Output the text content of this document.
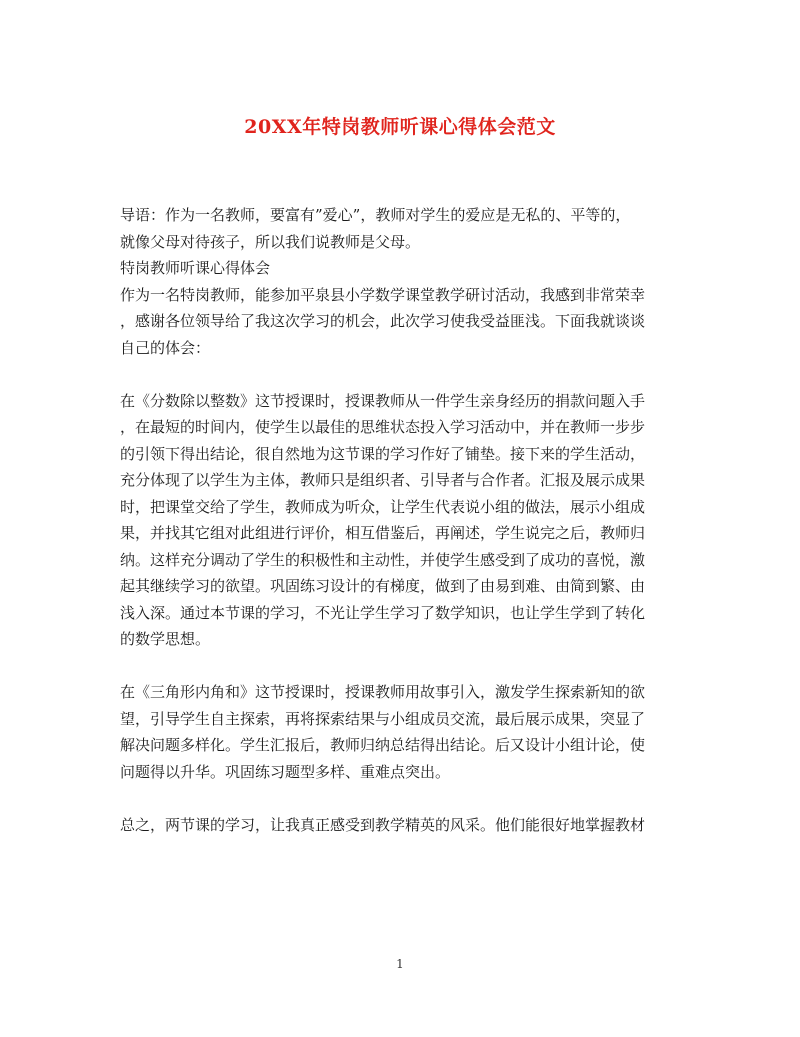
20XX年特岗教师听课心得体会范文
导语：作为一名教师，要富有”爱心”，教师对学生的爱应是无私的、平等的，
就像父母对待孩子，所以我们说教师是父母。
特岗教师听课心得体会
作为一名特岗教师，能参加平泉县小学数学课堂教学研讨活动，我感到非常荣幸
，感谢各位领导给了我这次学习的机会，此次学习使我受益匪浅。下面我就谈谈
自己的体会：
在《分数除以整数》这节授课时，授课教师从一件学生亲身经历的捐款问题入手
，在最短的时间内，使学生以最佳的思维状态投入学习活动中，并在教师一步步
的引领下得出结论，很自然地为这节课的学习作好了铺垫。接下来的学生活动，
充分体现了以学生为主体，教师只是组织者、引导者与合作者。汇报及展示成果
时，把课堂交给了学生，教师成为听众，让学生代表说小组的做法，展示小组成
果，并找其它组对此组进行评价，相互借鉴后，再阐述，学生说完之后，教师归
纳。这样充分调动了学生的积极性和主动性，并使学生感受到了成功的喜悦，激
起其继续学习的欲望。巩固练习设计的有梯度，做到了由易到难、由简到繁、由
浅入深。通过本节课的学习，不光让学生学习了数学知识，也让学生学到了转化
的数学思想。
在《三角形内角和》这节授课时，授课教师用故事引入，激发学生探索新知的欲
望，引导学生自主探索，再将探索结果与小组成员交流，最后展示成果，突显了
解决问题多样化。学生汇报后，教师归纳总结得出结论。后又设计小组计论，使
问题得以升华。巩固练习题型多样、重难点突出。
总之，两节课的学习，让我真正感受到教学精英的风采。他们能很好地掌握教材
1
